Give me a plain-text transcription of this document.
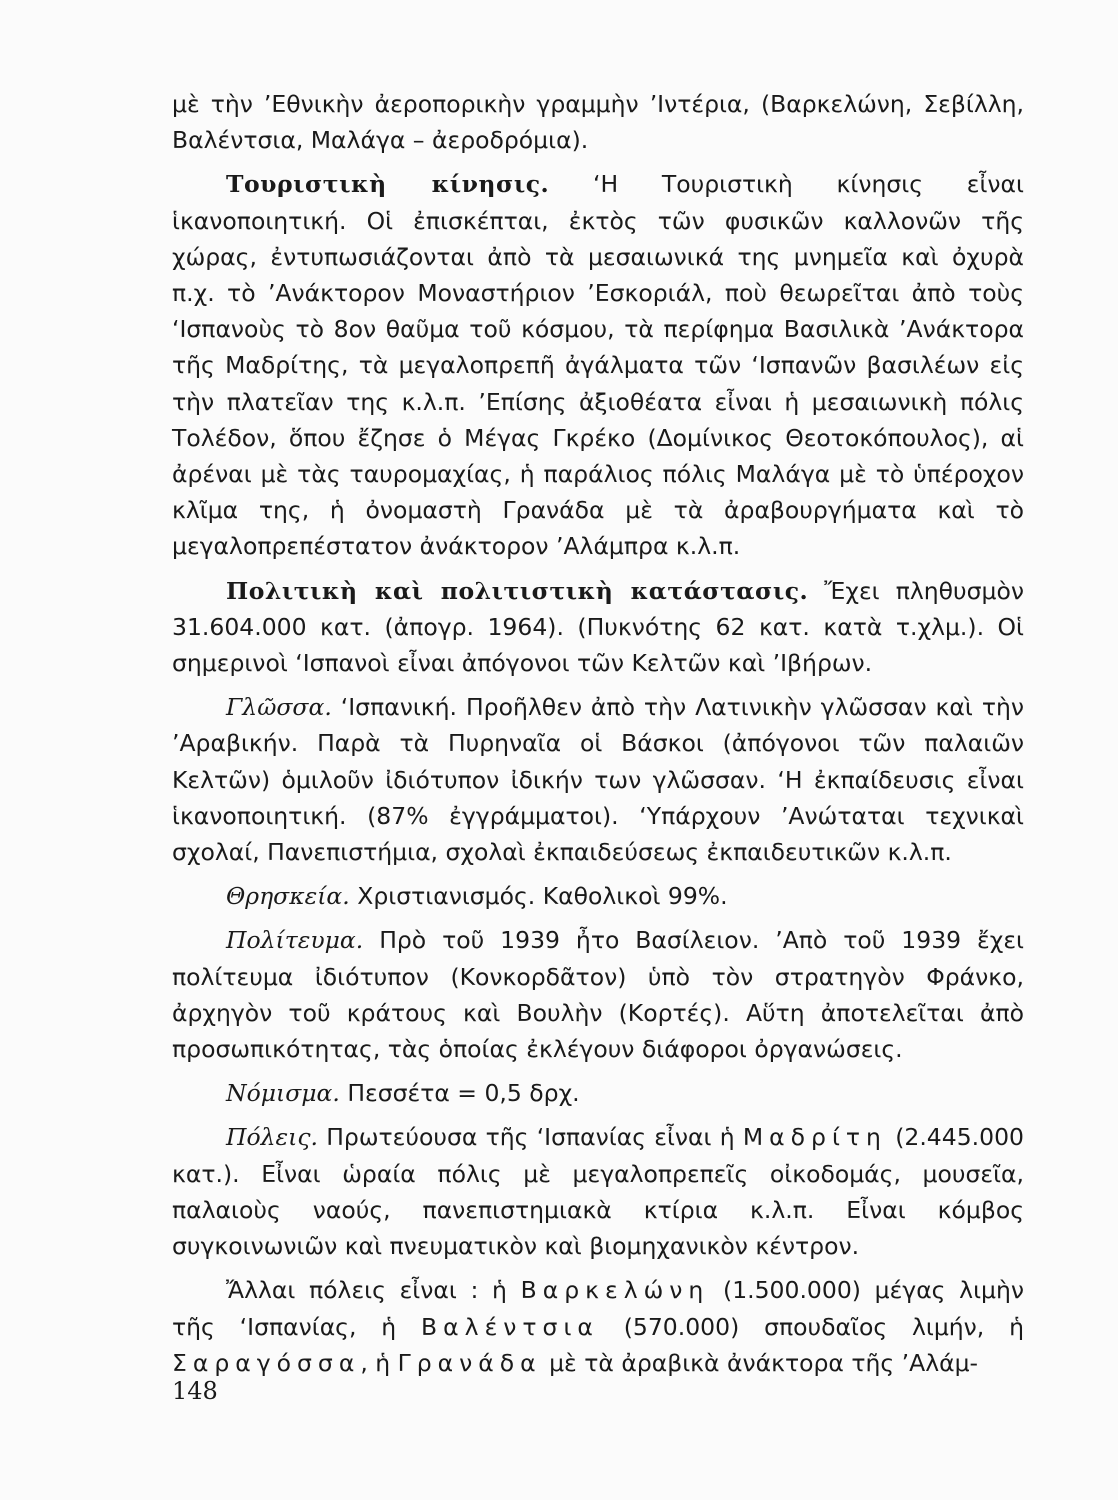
μὲ τὴν ’Εθνικὴν ἀεροπορικὴν γραμμὴν ’Ιντέρια, (Βαρκελώνη, Σεβίλλη, Βαλέντσια, Μαλάγα – ἀεροδρόμια).

Τουριστικὴ κίνησις. ‘Η Τουριστικὴ κίνησις εἶναι ἱκανοποιητική. Οἱ ἐπισκέπται, ἐκτὸς τῶν φυσικῶν καλλονῶν τῆς χώρας, ἐντυπωσιάζονται ἀπὸ τὰ μεσαιωνικά της μνημεῖα καὶ ὀχυρὰ π.χ. τὸ ’Ανάκτορον Μοναστήριον ’Εσκοριάλ, ποὺ θεωρεῖται ἀπὸ τοὺς ‘Ισπανοὺς τὸ 8ον θαῦμα τοῦ κόσμου, τὰ περίφημα Βασιλικὰ ’Ανάκτορα τῆς Μαδρίτης, τὰ μεγαλοπρεπῆ ἀγάλματα τῶν ‘Ισπανῶν βασιλέων εἰς τὴν πλατεῖαν της κ.λ.π. ’Επίσης ἀξιοθέατα εἶναι ἡ μεσαιωνικὴ πόλις Τολέδον, ὅπου ἔζησε ὁ Μέγας Γκρέκο (Δομίνικος Θεοτοκόπουλος), αἱ ἀρέναι μὲ τὰς ταυρομαχίας, ἡ παράλιος πόλις Μαλάγα μὲ τὸ ὑπέροχον κλῖμα της, ἡ ὀνομαστὴ Γρανάδα μὲ τὰ ἀραβουργήματα καὶ τὸ μεγαλοπρεπέστατον ἀνάκτορον ’Αλάμπρα κ.λ.π.

Πολιτικὴ καὶ πολιτιστικὴ κατάστασις. Ἔχει πληθυσμὸν 31.604.000 κατ. (ἀπογρ. 1964). (Πυκνότης 62 κατ. κατὰ τ.χλμ.). Οἱ σημερινοὶ ‘Ισπανοὶ εἶναι ἀπόγονοι τῶν Κελτῶν καὶ ’Ιβήρων.

Γλῶσσα. ‘Ισπανική. Προῆλθεν ἀπὸ τὴν Λατινικὴν γλῶσσαν καὶ τὴν ’Αραβικήν. Παρὰ τὰ Πυρηναῖα οἱ Βάσκοι (ἀπόγονοι τῶν παλαιῶν Κελτῶν) ὁμιλοῦν ἰδιότυπον ἰδικήν των γλῶσσαν. ‘Η ἐκπαίδευσις εἶναι ἱκανοποιητική. (87% ἐγγράμματοι). ‘Υπάρχουν ’Ανώταται τεχνικαὶ σχολαί, Πανεπιστήμια, σχολαὶ ἐκπαιδεύσεως ἐκπαιδευτικῶν κ.λ.π.

Θρησκεία. Χριστιανισμός. Καθολικοὶ 99%.

Πολίτευμα. Πρὸ τοῦ 1939 ἦτο Βασίλειον. ’Απὸ τοῦ 1939 ἔχει πολίτευμα ἰδιότυπον (Κονκορδᾶτον) ὑπὸ τὸν στρατηγὸν Φράνκο, ἀρχηγὸν τοῦ κράτους καὶ Βουλὴν (Κορτές). Αὕτη ἀποτελεῖται ἀπὸ προσωπικότητας, τὰς ὁποίας ἐκλέγουν διάφοροι ὀργανώσεις.

Νόμισμα. Πεσσέτα = 0,5 δρχ.

Πόλεις. Πρωτεύουσα τῆς ‘Ισπανίας εἶναι ἡ Μαδρίτη (2.445.000 κατ.). Εἶναι ὡραία πόλις μὲ μεγαλοπρεπεῖς οἰκοδομάς, μουσεῖα, παλαιοὺς ναούς, πανεπιστημιακὰ κτίρια κ.λ.π. Εἶναι κόμβος συγκοινωνιῶν καὶ πνευματικὸν καὶ βιομηχανικὸν κέντρον.

Ἄλλαι πόλεις εἶναι : ἡ Βαρκελώνη (1.500.000) μέγας λιμὴν τῆς ‘Ισπανίας, ἡ Βαλέντσια (570.000) σπουδαῖος λιμήν, ἡ Σαραγόσσα, ἡ Γρανάδα μὲ τὰ ἀραβικὰ ἀνάκτορα τῆς ’Αλάμ-

148
